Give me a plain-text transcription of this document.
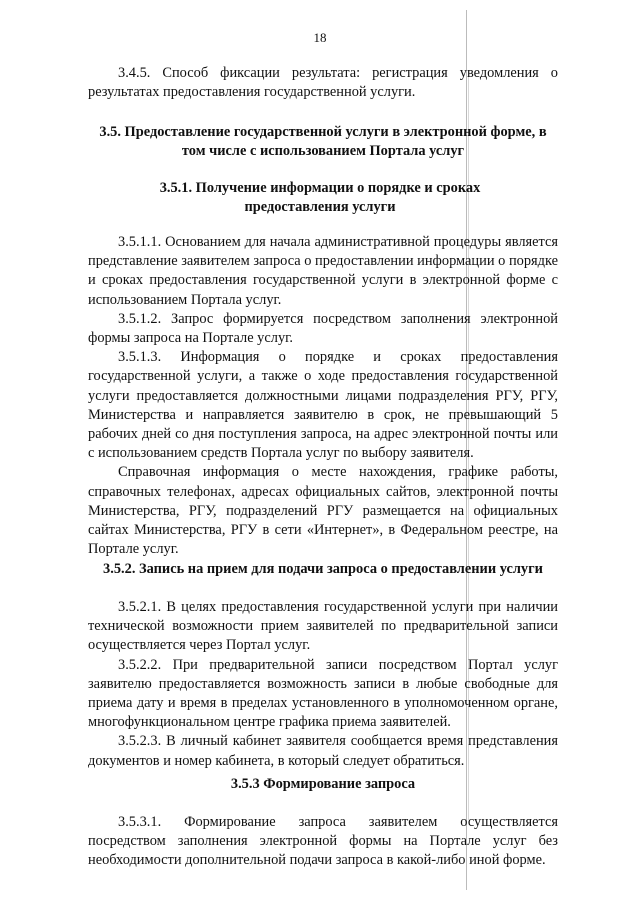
18

3.4.5. Способ фиксации результата: регистрация уведомления о результатах предоставления государственной услуги.

3.5. Предоставление государственной услуги в электронной форме, в том числе с использованием Портала услуг
3.5.1. Получение информации о порядке и сроках предоставления услуги

3.5.1.1. Основанием для начала административной процедуры является представление заявителем запроса о предоставлении информации о порядке и сроках предоставления государственной услуги в электронной форме с использованием Портала услуг.

3.5.1.2. Запрос формируется посредством заполнения электронной формы запроса на Портале услуг.

3.5.1.3. Информация о порядке и сроках предоставления государственной услуги, а также о ходе предоставления государственной услуги предоставляется должностными лицами подразделения РГУ, РГУ, Министерства и направляется заявителю в срок, не превышающий 5 рабочих дней со дня поступления запроса, на адрес электронной почты или с использованием средств Портала услуг по выбору заявителя.

Справочная информация о месте нахождения, графике работы, справочных телефонах, адресах официальных сайтов, электронной почты Министерства, РГУ, подразделений РГУ размещается на официальных сайтах Министерства, РГУ в сети «Интернет», в Федеральном реестре, на Портале услуг.

3.5.2. Запись на прием для подачи запроса о предоставлении услуги

3.5.2.1. В целях предоставления государственной услуги при наличии технической возможности прием заявителей по предварительной записи осуществляется через Портал услуг.

3.5.2.2. При предварительной записи посредством Портал услуг заявителю предоставляется возможность записи в любые свободные для приема дату и время в пределах установленного в уполномоченном органе, многофункциональном центре графика приема заявителей.

3.5.2.3. В личный кабинет заявителя сообщается время представления документов и номер кабинета, в который следует обратиться.

3.5.3 Формирование запроса

3.5.3.1. Формирование запроса заявителем осуществляется посредством заполнения электронной формы на Портале услуг без необходимости дополнительной подачи запроса в какой-либо иной форме.
